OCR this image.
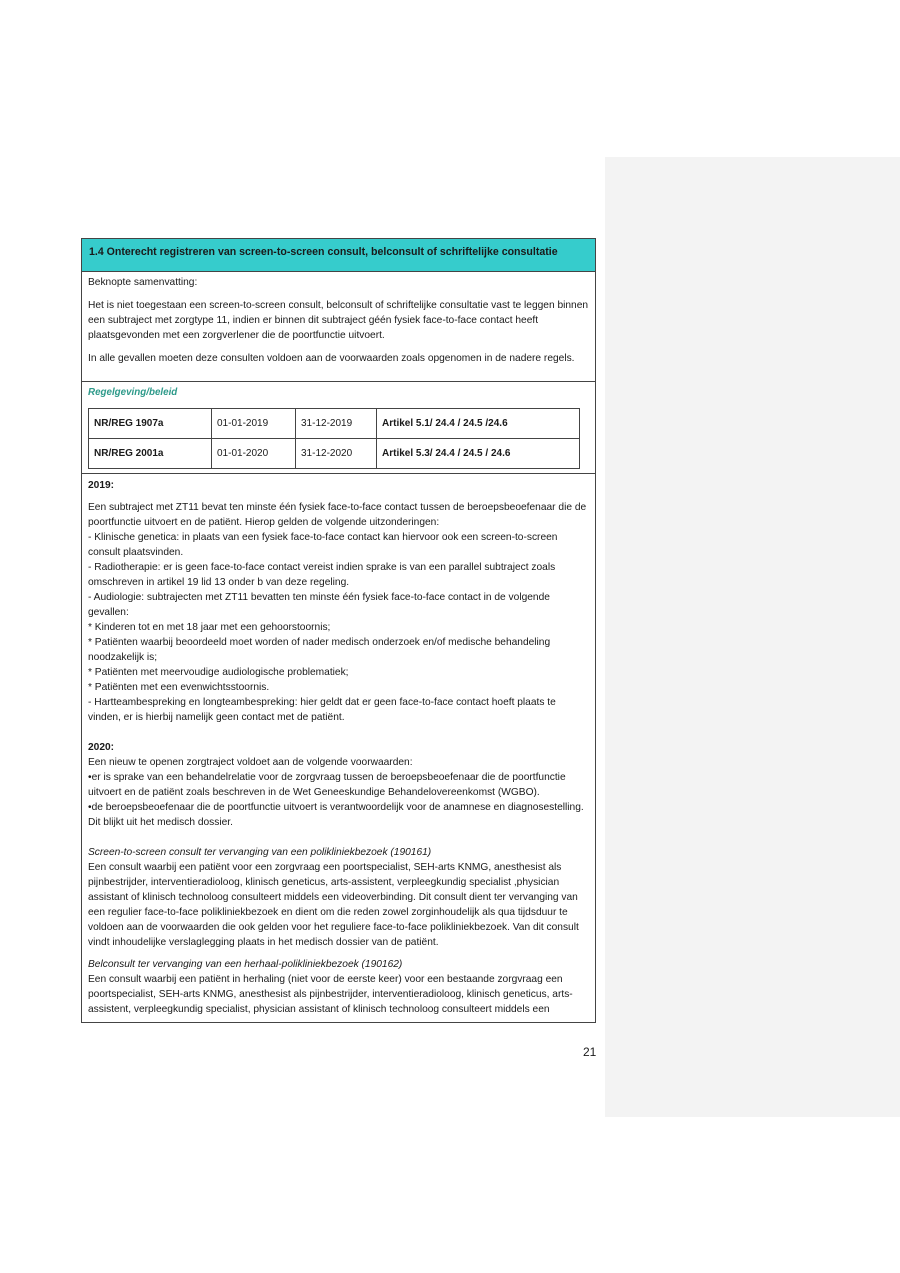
1.4 Onterecht registreren van screen-to-screen consult, belconsult of schriftelijke consultatie

Beknopte samenvatting:

Het is niet toegestaan een screen-to-screen consult, belconsult of schriftelijke consultatie vast te leggen binnen een subtraject met zorgtype 11, indien er binnen dit subtraject géén fysiek face-to-face contact heeft plaatsgevonden met een zorgverlener die de poortfunctie uitvoert.

In alle gevallen moeten deze consulten voldoen aan de voorwaarden zoals opgenomen in de nadere regels.

Regelgeving/beleid

NR/REG 1907a	01-01-2019	31-12-2019	Artikel 5.1/ 24.4 / 24.5 /24.6
NR/REG 2001a	01-01-2020	31-12-2020	Artikel 5.3/ 24.4 / 24.5 / 24.6

2019:

Een subtraject met ZT11 bevat ten minste één fysiek face-to-face contact tussen de beroepsbeoefenaar die de poortfunctie uitvoert en de patiënt. Hierop gelden de volgende uitzonderingen:

- Klinische genetica: in plaats van een fysiek face-to-face contact kan hiervoor ook een screen-to-screen consult plaatsvinden.

- Radiotherapie: er is geen face-to-face contact vereist indien sprake is van een parallel subtraject zoals omschreven in artikel 19 lid 13 onder b van deze regeling.

- Audiologie: subtrajecten met ZT11 bevatten ten minste één fysiek face-to-face contact in de volgende gevallen:

* Kinderen tot en met 18 jaar met een gehoorstoornis;

* Patiënten waarbij beoordeeld moet worden of nader medisch onderzoek en/of medische behandeling noodzakelijk is;

* Patiënten met meervoudige audiologische problematiek;

* Patiënten met een evenwichtsstoornis.

- Hartteambespreking en longteambespreking: hier geldt dat er geen face-to-face contact hoeft plaats te vinden, er is hierbij namelijk geen contact met de patiënt.

2020:

Een nieuw te openen zorgtraject voldoet aan de volgende voorwaarden:

•er is sprake van een behandelrelatie voor de zorgvraag tussen de beroepsbeoefenaar die de poortfunctie uitvoert en de patiënt zoals beschreven in de Wet Geneeskundige Behandelovereenkomst (WGBO).

•de beroepsbeoefenaar die de poortfunctie uitvoert is verantwoordelijk voor de anamnese en diagnosestelling. Dit blijkt uit het medisch dossier.

Screen-to-screen consult ter vervanging van een polikliniekbezoek (190161)

Een consult waarbij een patiënt voor een zorgvraag een poortspecialist, SEH-arts KNMG, anesthesist als pijnbestrijder, interventieradioloog, klinisch geneticus, arts-assistent, verpleegkundig specialist ,physician assistant of klinisch technoloog consulteert middels een videoverbinding. Dit consult dient ter vervanging van een regulier face-to-face polikliniekbezoek en dient om die reden zowel zorginhoudelijk als qua tijdsduur te voldoen aan de voorwaarden die ook gelden voor het reguliere face-to-face polikliniekbezoek. Van dit consult vindt inhoudelijke verslaglegging plaats in het medisch dossier van de patiënt.

Belconsult ter vervanging van een herhaal-polikliniekbezoek (190162)

Een consult waarbij een patiënt in herhaling (niet voor de eerste keer) voor een bestaande zorgvraag een poortspecialist, SEH-arts KNMG, anesthesist als pijnbestrijder, interventieradioloog, klinisch geneticus, arts-assistent, verpleegkundig specialist, physician assistant of klinisch technoloog consulteert middels een

21
